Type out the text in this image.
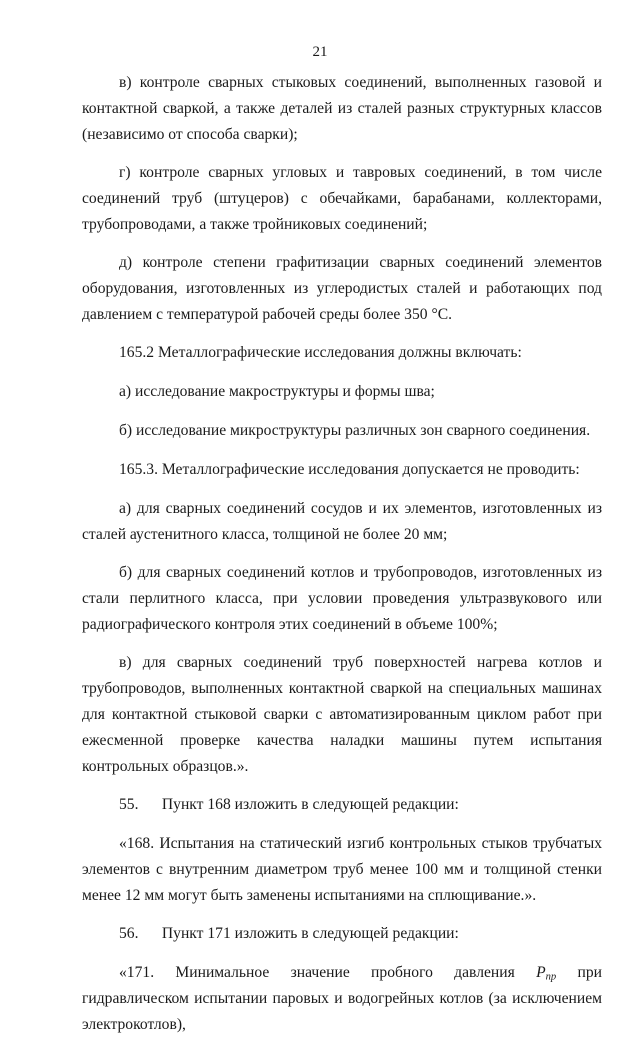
21

в) контроле сварных стыковых соединений, выполненных газовой и контактной сваркой, а также деталей из сталей разных структурных классов (независимо от способа сварки);

г) контроле сварных угловых и тавровых соединений, в том числе соединений труб (штуцеров) с обечайками, барабанами, коллекторами, трубопроводами, а также тройниковых соединений;

д) контроле степени графитизации сварных соединений элементов оборудования, изготовленных из углеродистых сталей и работающих под давлением с температурой рабочей среды более 350 °С.

165.2 Металлографические исследования должны включать:

а) исследование макроструктуры и формы шва;

б) исследование микроструктуры различных зон сварного соединения.

165.3. Металлографические исследования допускается не проводить:

а) для сварных соединений сосудов и их элементов, изготовленных из сталей аустенитного класса, толщиной не более 20 мм;

б) для сварных соединений котлов и трубопроводов, изготовленных из стали перлитного класса, при условии проведения ультразвукового или радиографического контроля этих соединений в объеме 100%;

в) для сварных соединений труб поверхностей нагрева котлов и трубопроводов, выполненных контактной сваркой на специальных машинах для контактной стыковой сварки с автоматизированным циклом работ при ежесменной проверке качества наладки машины путем испытания контрольных образцов.».

55.  Пункт 168 изложить в следующей редакции:

«168. Испытания на статический изгиб контрольных стыков трубчатых элементов с внутренним диаметром труб менее 100 мм и толщиной стенки менее 12 мм могут быть заменены испытаниями на сплющивание.».

56.  Пункт 171 изложить в следующей редакции:

«171. Минимальное значение пробного давления $P_{пр}$ при гидравлическом испытании паровых и водогрейных котлов (за исключением электрокотлов),
